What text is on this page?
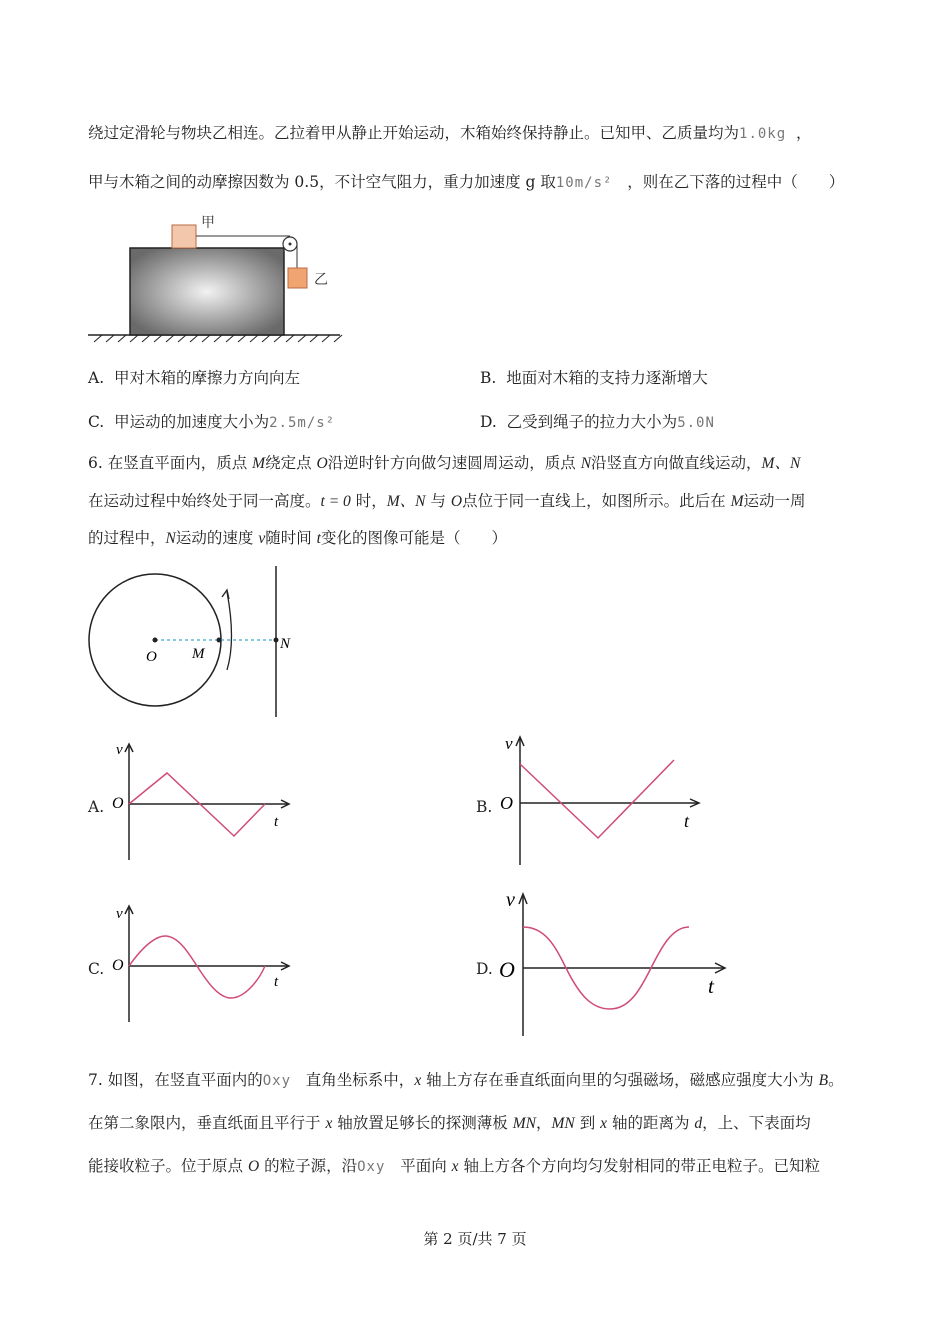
绕过定滑轮与物块乙相连。乙拉着甲从静止开始运动，木箱始终保持静止。已知甲、乙质量均为1.0kg ，
甲与木箱之间的动摩擦因数为 0.5，不计空气阻力，重力加速度 g 取10m/s² ，则在乙下落的过程中（　　）
甲
乙
A. 甲对木箱的摩擦力方向向左	B. 地面对木箱的支持力逐渐增大
C. 甲运动的加速度大小为2.5m/s²	D. 乙受到绳子的拉力大小为5.0N
6. 在竖直平面内，质点 M绕定点 O沿逆时针方向做匀速圆周运动，质点 N沿竖直方向做直线运动，M、N
在运动过程中始终处于同一高度。t = 0 时，M、N 与 O点位于同一直线上，如图所示。此后在 M运动一周
的过程中，N运动的速度 v随时间 t变化的图像可能是（　　）
O M
N
A.
v
O
t
B.
v
O
t
C.
v
O
t
D.
v
O
t
7. 如图，在竖直平面内的Oxy 直角坐标系中，x 轴上方存在垂直纸面向里的匀强磁场，磁感应强度大小为 B。
在第二象限内，垂直纸面且平行于 x 轴放置足够长的探测薄板 MN，MN 到 x 轴的距离为 d，上、下表面均
能接收粒子。位于原点 O 的粒子源，沿Oxy 平面向 x 轴上方各个方向均匀发射相同的带正电粒子。已知粒
第 2 页/共 7 页
